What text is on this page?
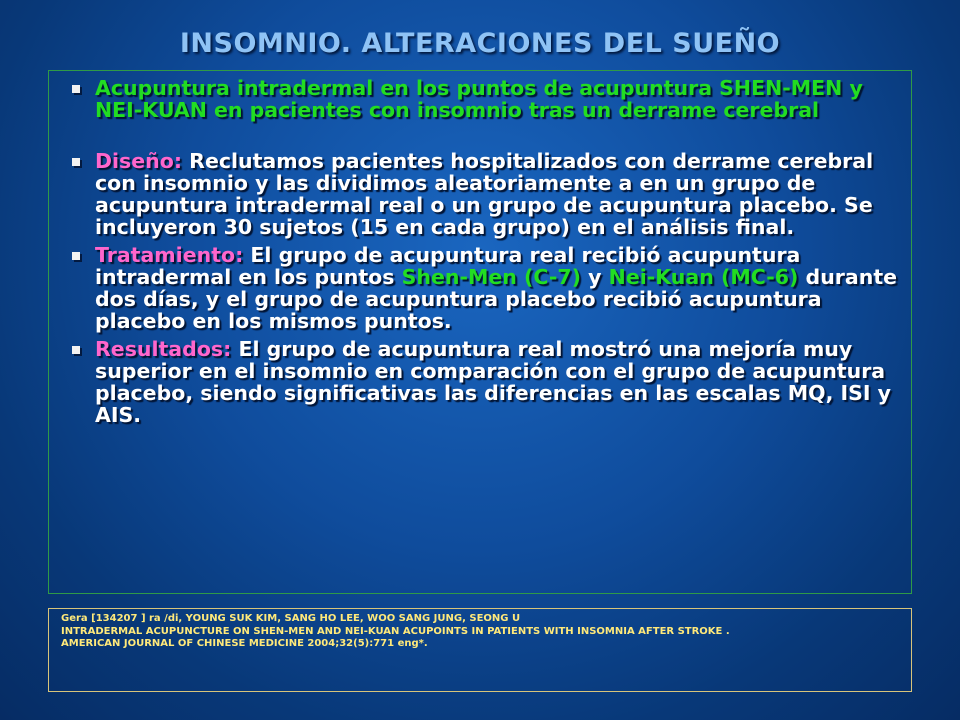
INSOMNIO. ALTERACIONES DEL SUEÑO
Acupuntura intradermal en los puntos de acupuntura SHEN-MEN y NEI-KUAN en pacientes con insomnio tras un derrame cerebral
Diseño: Reclutamos pacientes hospitalizados con derrame cerebral con insomnio y las dividimos aleatoriamente a en un grupo de acupuntura intradermal real o un grupo de acupuntura placebo. Se incluyeron 30 sujetos (15 en cada grupo) en el análisis final.
Tratamiento: El grupo de acupuntura real recibió acupuntura intradermal en los puntos Shen-Men (C-7) y Nei-Kuan (MC-6) durante dos días, y el grupo de acupuntura placebo recibió acupuntura placebo en los mismos puntos.
Resultados: El grupo de acupuntura real mostró una mejoría muy superior en el insomnio en comparación con el grupo de acupuntura placebo, siendo significativas las diferencias en las escalas MQ, ISI y AIS.
Gera [134207 ] ra /di, YOUNG SUK KIM, SANG HO LEE, WOO SANG JUNG, SEONG U
INTRADERMAL ACUPUNCTURE ON SHEN-MEN AND NEI-KUAN ACUPOINTS IN PATIENTS WITH INSOMNIA AFTER STROKE .
AMERICAN JOURNAL OF CHINESE MEDICINE 2004;32(5):771 eng*.
